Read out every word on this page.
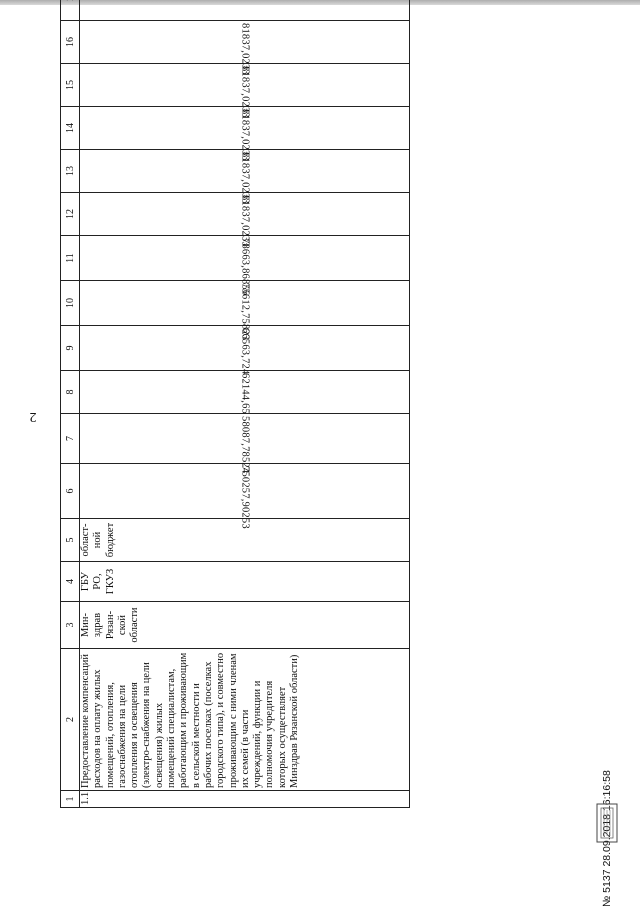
2
1	2	3	4	5	6	7	8	9	10	11	12	13	14	15	16	
1.1	Предоставление компенсаций расходов на оплату жилых помещений, отопления, газоснабжения на цели отопления и освещения (электро-снабжения на цели освещения) жилых помещений специалистам, работающим и проживающим в сельской местности и рабочих поселках (поселках городского типа), и совместно проживающим с ними членам их семей (в части учреждений, функции и полномочия учредителя которых осуществляет Минздрав Рязанской области)	Мин-здрав Рязан-ской области	ГБУ РО, ГКУЗ	област-ной бюджет	750257,90253	58087,78524	62144,65	66563,724	75612,75823	78663,86856	81837,0233	81837,0233	81837,0233	81837,0233	81837,0233	

№ 5137 28.09.2018 16:16:58
